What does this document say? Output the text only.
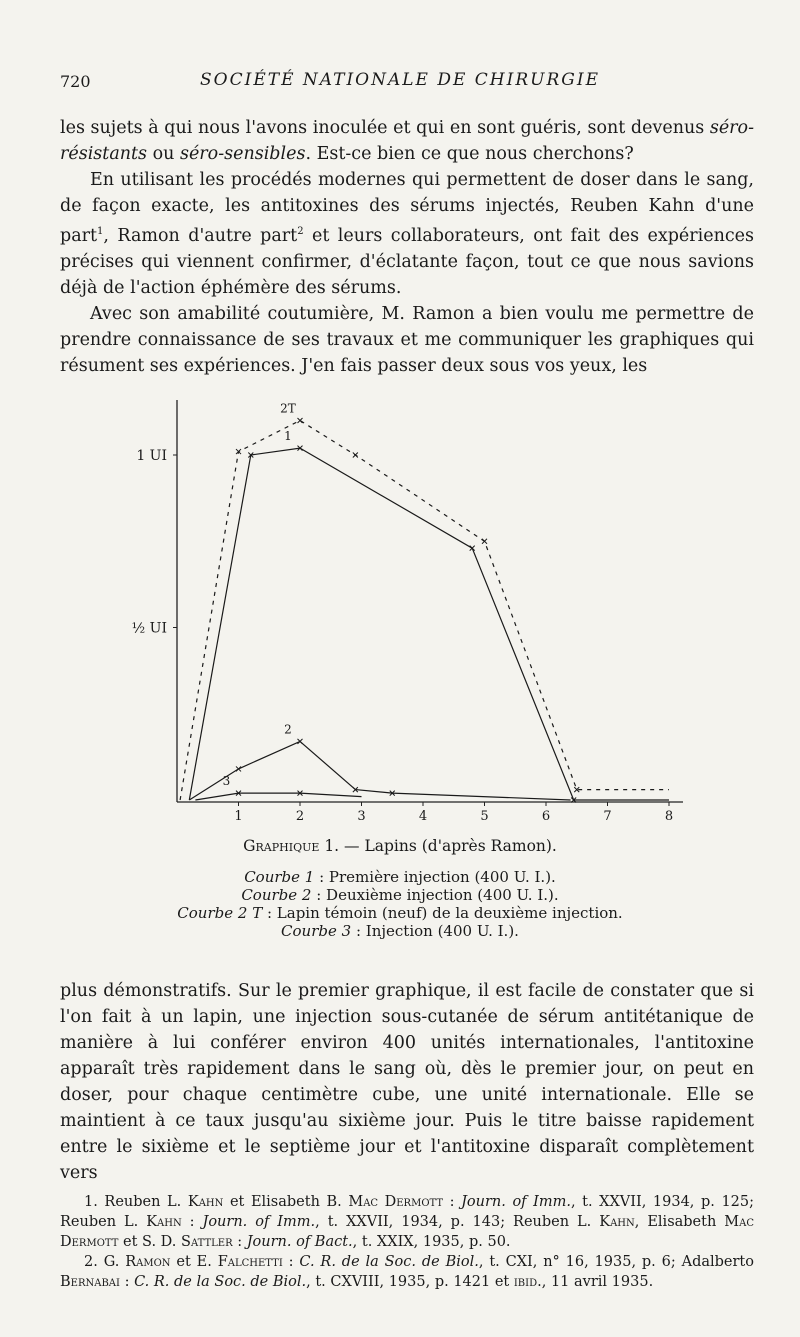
720	SOCIÉTÉ NATIONALE DE CHIRURGIE

les sujets à qui nous l'avons inoculée et qui en sont guéris, sont devenus séro-résistants ou séro-sensibles. Est-ce bien ce que nous cherchons?

En utilisant les procédés modernes qui permettent de doser dans le sang, de façon exacte, les antitoxines des sérums injectés, Reuben Kahn d'une part$^1$, Ramon d'autre part$^2$ et leurs collaborateurs, ont fait des expériences précises qui viennent confirmer, d'éclatante façon, tout ce que nous savions déjà de l'action éphémère des sérums.

Avec son amabilité coutumière, M. Ramon a bien voulu me permettre de prendre connaissance de ses travaux et me communiquer les graphiques qui résument ses expériences. J'en fais passer deux sous vos yeux, les

1	2	3	4	5	6	7	8
1 UI
½ UI
1
2T
2
3
Graphique 1. — Lapins (d'après Ramon).
Courbe 1 : Première injection (400 U. I.).
Courbe 2 : Deuxième injection (400 U. I.).
Courbe 2 T : Lapin témoin (neuf) de la deuxième injection.
Courbe 3 : Injection (400 U. I.).

plus démonstratifs. Sur le premier graphique, il est facile de constater que si l'on fait à un lapin, une injection sous-cutanée de sérum antitétanique de manière à lui conférer environ 400 unités internationales, l'antitoxine apparaît très rapidement dans le sang où, dès le premier jour, on peut en doser, pour chaque centimètre cube, une unité internationale. Elle se maintient à ce taux jusqu'au sixième jour. Puis le titre baisse rapidement entre le sixième et le septième jour et l'antitoxine disparaît complètement vers

1. Reuben L. Kahn et Elisabeth B. Mac Dermott : Journ. of Imm., t. XXVII, 1934, p. 125; Reuben L. Kahn : Journ. of Imm., t. XXVII, 1934, p. 143; Reuben L. Kahn, Elisabeth Mac Dermott et S. D. Sattler : Journ. of Bact., t. XXIX, 1935, p. 50.

2. G. Ramon et E. Falchetti : C. R. de la Soc. de Biol., t. CXI, n° 16, 1935, p. 6; Adalberto Bernabai : C. R. de la Soc. de Biol., t. CXVIII, 1935, p. 1421 et ibid., 11 avril 1935.
